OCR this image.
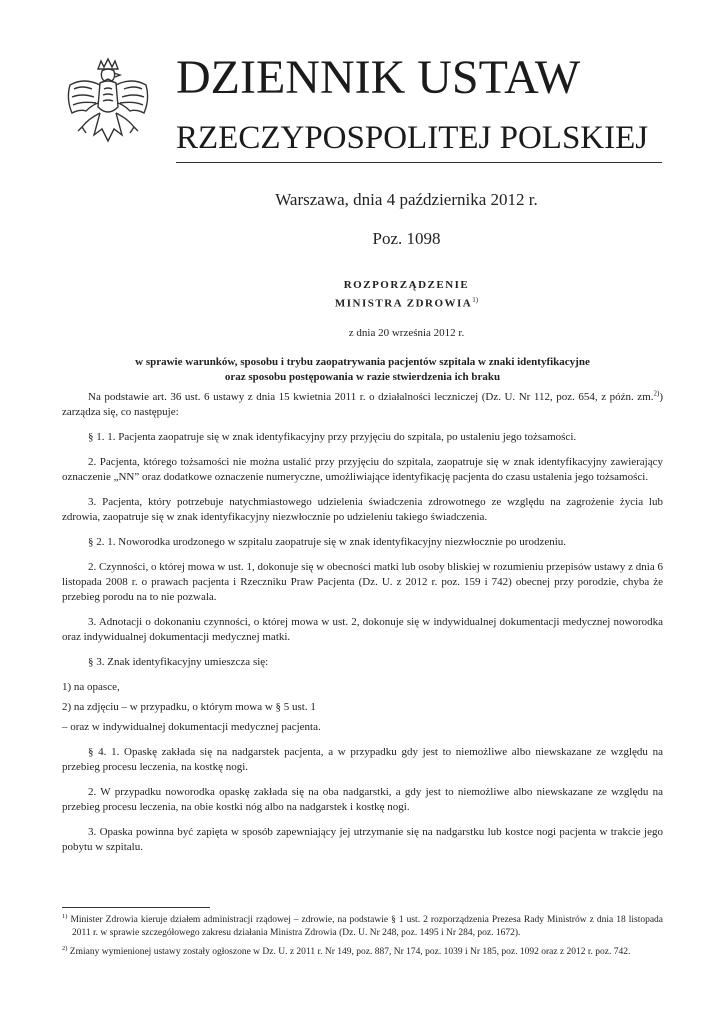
DZIENNIK USTAW
RZECZYPOSPOLITEJ POLSKIEJ
Warszawa, dnia 4 października 2012 r.
Poz. 1098
ROZPORZĄDZENIE
MINISTRA ZDROWIA$^{1)}$
z dnia 20 września 2012 r.
w sprawie warunków, sposobu i trybu zaopatrywania pacjentów szpitala w znaki identyfikacyjne
oraz sposobu postępowania w razie stwierdzenia ich braku

Na podstawie art. 36 ust. 6 ustawy z dnia 15 kwietnia 2011 r. o działalności leczniczej (Dz. U. Nr 112, poz. 654, z późn. zm.$^{2)}$) zarządza się, co następuje:

§ 1. 1. Pacjenta zaopatruje się w znak identyfikacyjny przy przyjęciu do szpitala, po ustaleniu jego tożsamości.

2. Pacjenta, którego tożsamości nie można ustalić przy przyjęciu do szpitala, zaopatruje się w znak identyfikacyjny zawierający oznaczenie „NN” oraz dodatkowe oznaczenie numeryczne, umożliwiające identyfikację pacjenta do czasu ustalenia jego tożsamości.

3. Pacjenta, który potrzebuje natychmiastowego udzielenia świadczenia zdrowotnego ze względu na zagrożenie życia lub zdrowia, zaopatruje się w znak identyfikacyjny niezwłocznie po udzieleniu takiego świadczenia.

§ 2. 1. Noworodka urodzonego w szpitalu zaopatruje się w znak identyfikacyjny niezwłocznie po urodzeniu.

2. Czynności, o której mowa w ust. 1, dokonuje się w obecności matki lub osoby bliskiej w rozumieniu przepisów ustawy z dnia 6 listopada 2008 r. o prawach pacjenta i Rzeczniku Praw Pacjenta (Dz. U. z 2012 r. poz. 159 i 742) obecnej przy porodzie, chyba że przebieg porodu na to nie pozwala.

3. Adnotacji o dokonaniu czynności, o której mowa w ust. 2, dokonuje się w indywidualnej dokumentacji medycznej noworodka oraz indywidualnej dokumentacji medycznej matki.

§ 3. Znak identyfikacyjny umieszcza się:

1) na opasce,

2) na zdjęciu – w przypadku, o którym mowa w § 5 ust. 1

– oraz w indywidualnej dokumentacji medycznej pacjenta.

§ 4. 1. Opaskę zakłada się na nadgarstek pacjenta, a w przypadku gdy jest to niemożliwe albo niewskazane ze względu na przebieg procesu leczenia, na kostkę nogi.

2. W przypadku noworodka opaskę zakłada się na oba nadgarstki, a gdy jest to niemożliwe albo niewskazane ze względu na przebieg procesu leczenia, na obie kostki nóg albo na nadgarstek i kostkę nogi.

3. Opaska powinna być zapięta w sposób zapewniający jej utrzymanie się na nadgarstku lub kostce nogi pacjenta w trakcie jego pobytu w szpitalu.

$^{1)}$ Minister Zdrowia kieruje działem administracji rządowej – zdrowie, na podstawie § 1 ust. 2 rozporządzenia Prezesa Rady Ministrów z dnia 18 listopada 2011 r. w sprawie szczegółowego zakresu działania Ministra Zdrowia (Dz. U. Nr 248, poz. 1495 i Nr 284, poz. 1672).
$^{2)}$ Zmiany wymienionej ustawy zostały ogłoszone w Dz. U. z 2011 r. Nr 149, poz. 887, Nr 174, poz. 1039 i Nr 185, poz. 1092 oraz z 2012 r. poz. 742.
